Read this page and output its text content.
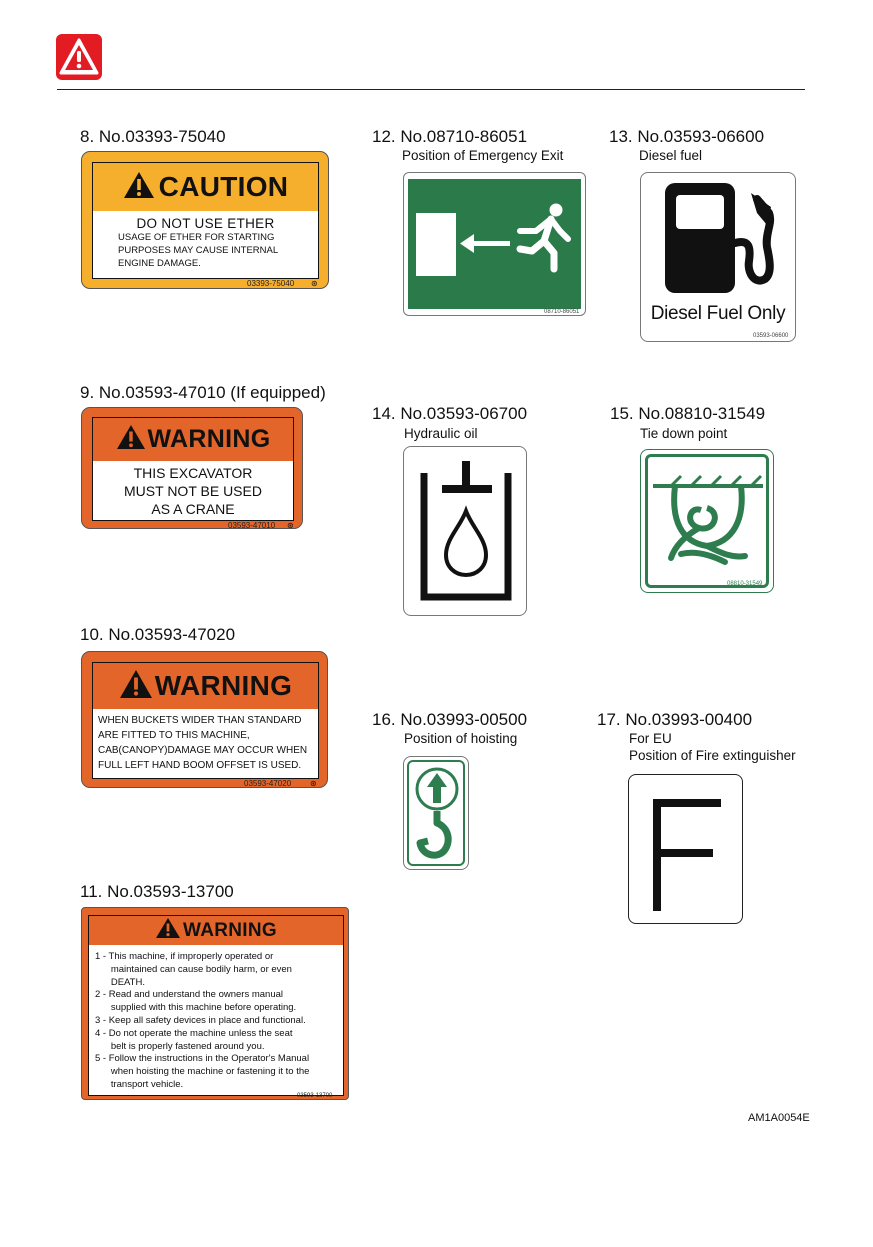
8. No.03393-75040
CAUTION
DO NOT USE ETHER
USAGE OF ETHER FOR STARTING
PURPOSES MAY CAUSE INTERNAL
ENGINE DAMAGE.
03393-75040 ⊛
9. No.03593-47010 (If equipped)
WARNING
THIS EXCAVATOR
MUST NOT BE USED
AS A CRANE
03593-47010 ⊛
10. No.03593-47020
WARNING
WHEN BUCKETS WIDER THAN STANDARD
ARE FITTED TO THIS MACHINE,
CAB(CANOPY)DAMAGE MAY OCCUR WHEN
FULL LEFT HAND BOOM OFFSET IS USED.
03593-47020 ⊛
11. No.03593-13700
WARNING
1 - This machine, if improperly operated or
maintained can cause bodily harm, or even
DEATH.
2 - Read and understand the owners manual
supplied with this machine before operating.
3 - Keep all safety devices in place and functional.
4 - Do not operate the machine unless the seat
belt is properly fastened around you.
5 - Follow the instructions in the Operator's Manual
when hoisting the machine or fastening it to the
transport vehicle.
03593-13700
12. No.08710-86051
Position of Emergency Exit
08710-86051
13. No.03593-06600
Diesel fuel
Diesel Fuel Only
03593-06600
14. No.03593-06700
Hydraulic oil
15. No.08810-31549
Tie down point
08810-31549
16. No.03993-00500
Position of hoisting
17. No.03993-00400
For EU
Position of Fire extinguisher
AM1A0054E
